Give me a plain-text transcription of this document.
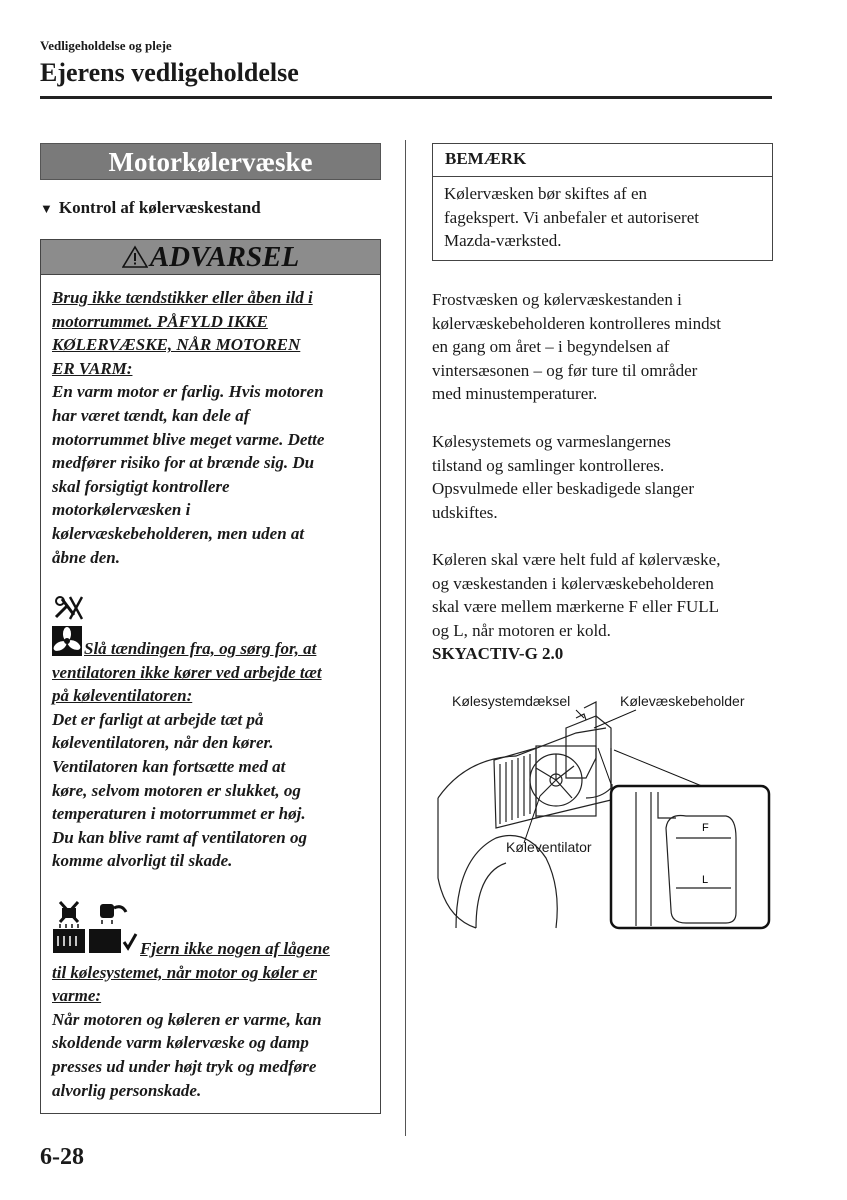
Vedligeholdelse og pleje
Ejerens vedligeholdelse
Motorkølervæske
▼ Kontrol af kølervæskestand
ADVARSEL
Brug ikke tændstikker eller åben ild i
motorrummet. PÅFYLD IKKE
KØLERVÆSKE, NÅR MOTOREN
ER VARM:
En varm motor er farlig. Hvis motoren
har været tændt, kan dele af
motorrummet blive meget varme. Dette
medfører risiko for at brænde sig. Du
skal forsigtigt kontrollere
motorkølervæsken i
kølervæskebeholderen, men uden at
åbne den.
Slå tændingen fra, og sørg for, at
ventilatoren ikke kører ved arbejde tæt
på køleventilatoren:
Det er farligt at arbejde tæt på
køleventilatoren, når den kører.
Ventilatoren kan fortsætte med at
køre, selvom motoren er slukket, og
temperaturen i motorrummet er høj.
Du kan blive ramt af ventilatoren og
komme alvorligt til skade.
Fjern ikke nogen af lågene
til kølesystemet, når motor og køler er
varme:
Når motoren og køleren er varme, kan
skoldende varm kølervæske og damp
presses ud under højt tryk og medføre
alvorlig personskade.
BEMÆRK
Kølervæsken bør skiftes af en
fagekspert. Vi anbefaler et autoriseret
Mazda-værksted.
Frostvæsken og kølervæskestanden i
kølervæskebeholderen kontrolleres mindst
en gang om året – i begyndelsen af
vintersæsonen – og før ture til områder
med minustemperaturer.
Kølesystemets og varmeslangernes
tilstand og samlinger kontrolleres.
Opsvulmede eller beskadigede slanger
udskiftes.
Køleren skal være helt fuld af kølervæske,
og væskestanden i kølervæskebeholderen
skal være mellem mærkerne F eller FULL
og L, når motoren er kold.
SKYACTIV-G 2.0
F
L
Kølesystemdæksel	Kølevæskebeholder
Køleventilator
6-28
